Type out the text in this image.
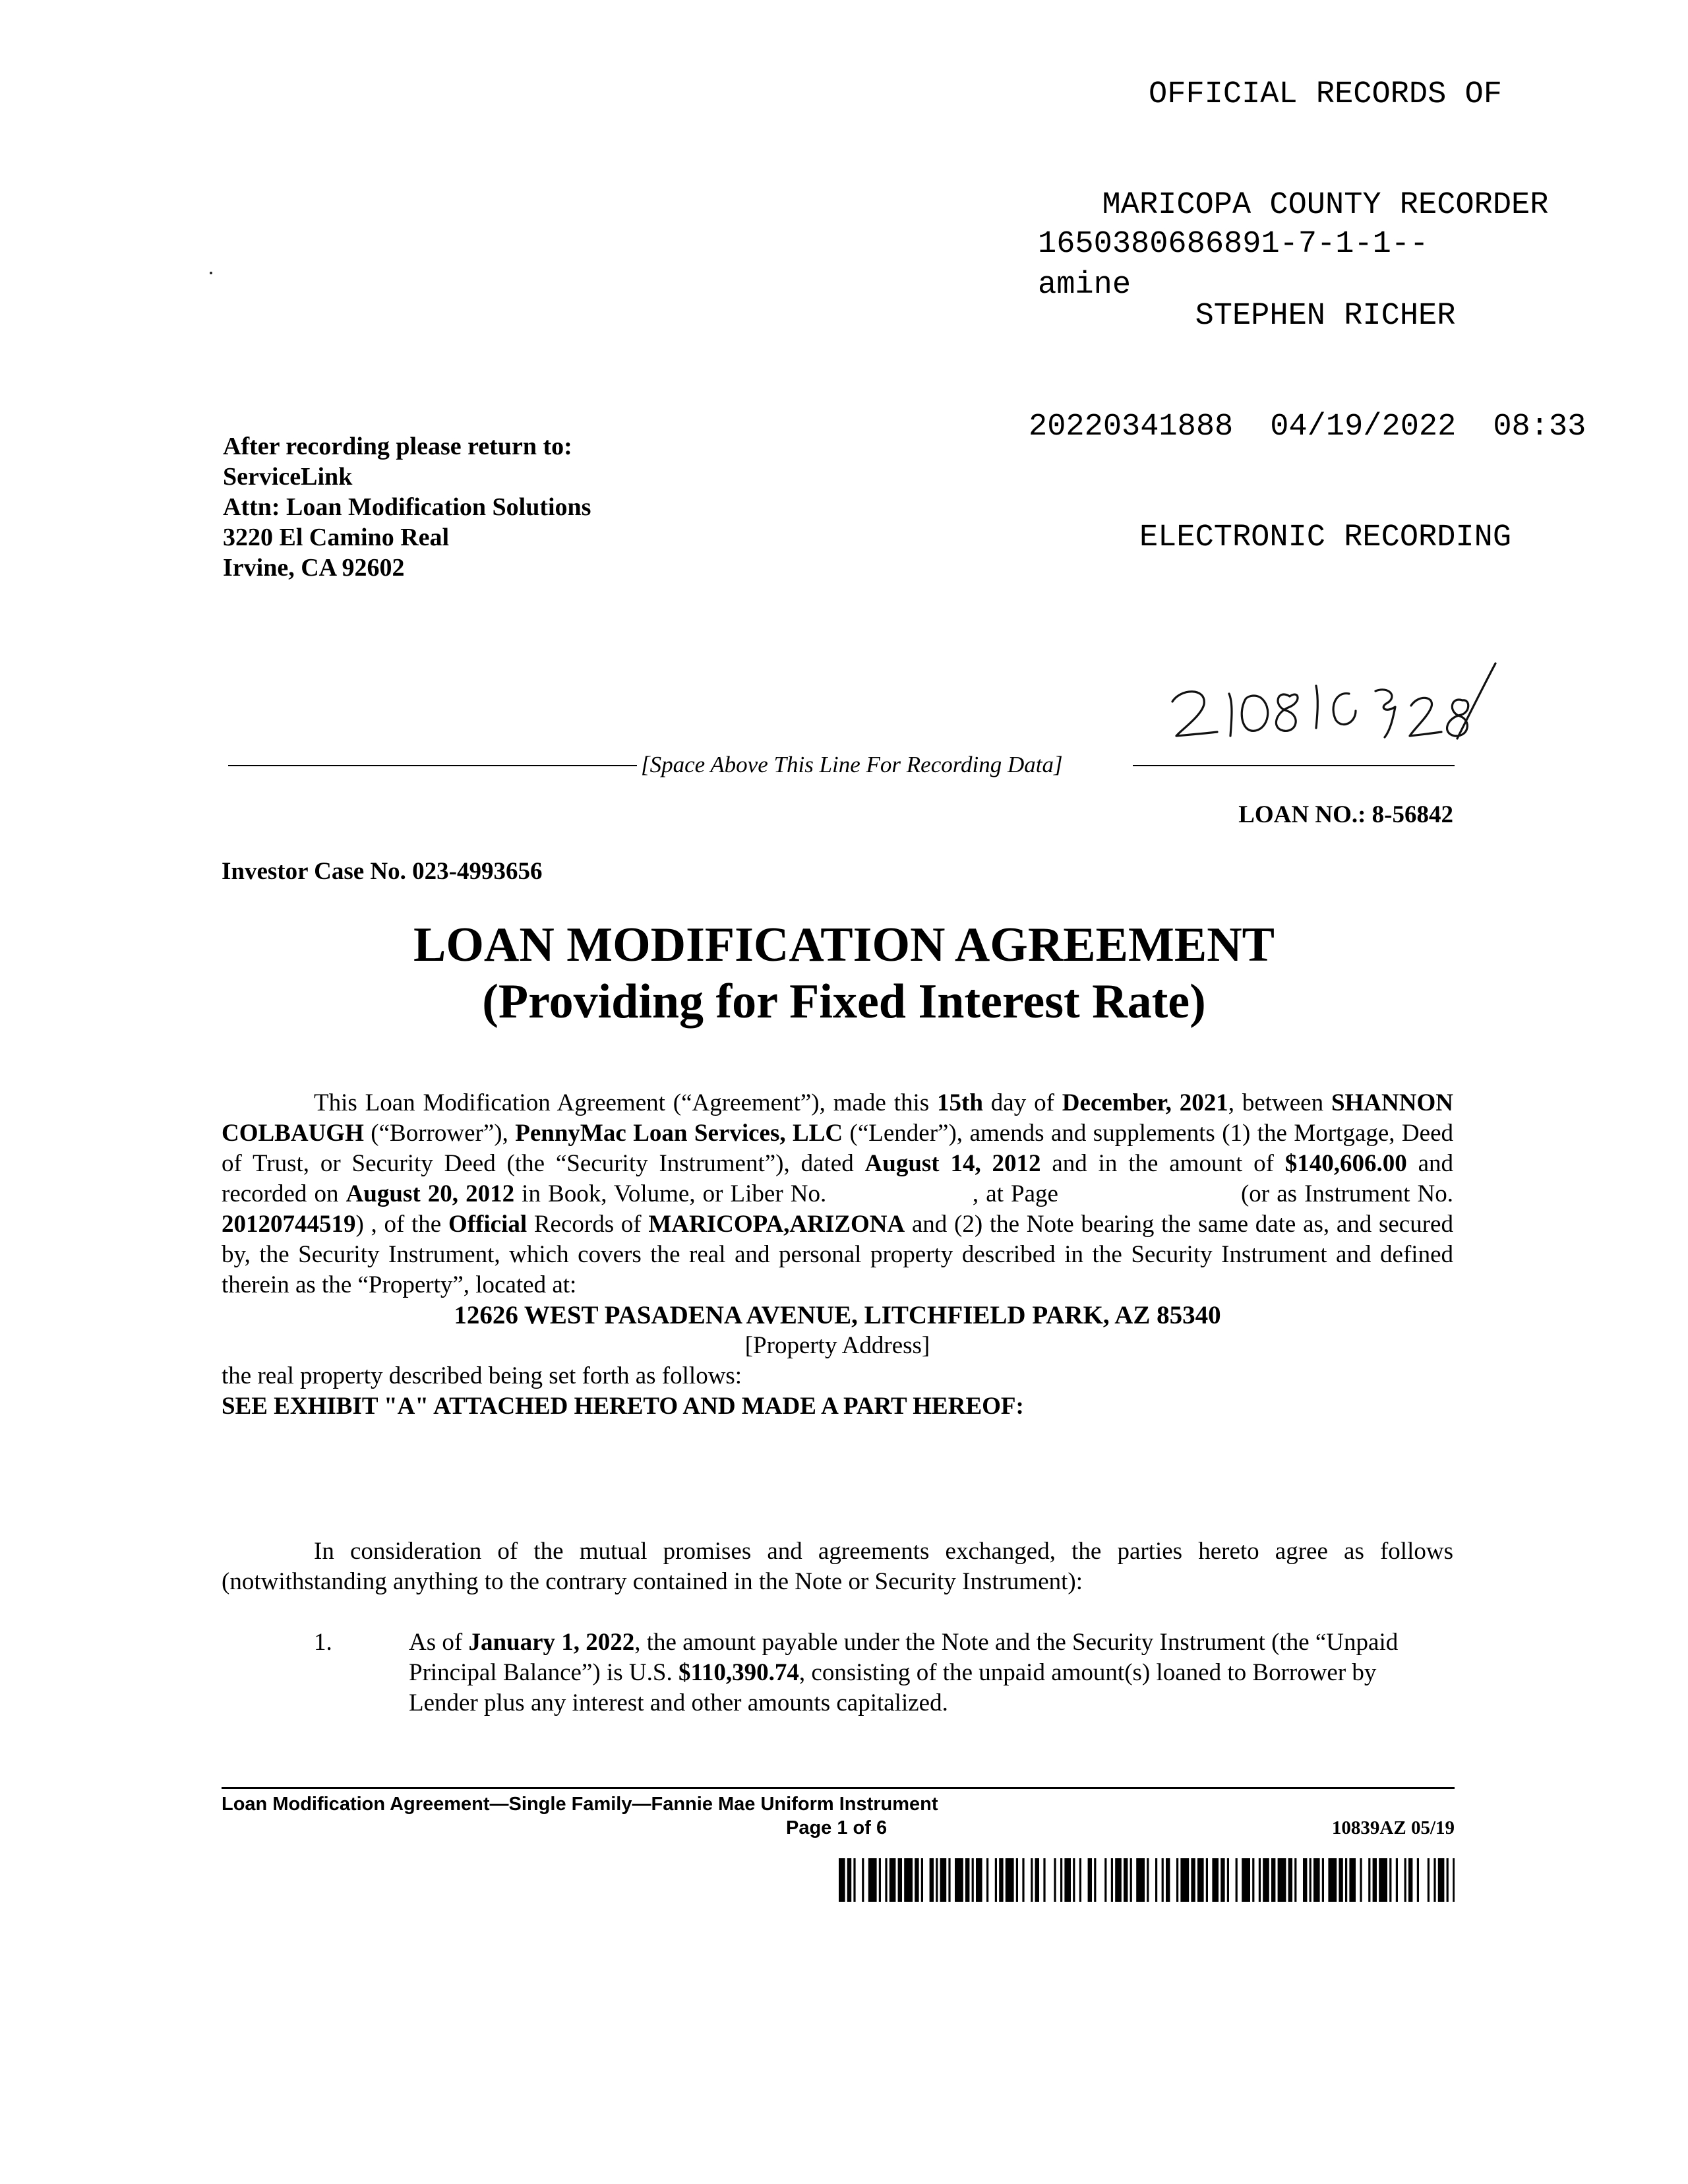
OFFICIAL RECORDS OF

MARICOPA COUNTY RECORDER

STEPHEN RICHER

20220341888 04/19/2022 08:33

ELECTRONIC RECORDING

1650380686891-7-1-1--
amine
After recording please return to:
ServiceLink
Attn: Loan Modification Solutions
3220 El Camino Real
Irvine, CA 92602
[Space Above This Line For Recording Data]
LOAN NO.: 8-56842
Investor Case No. 023-4993656
LOAN MODIFICATION AGREEMENT
(Providing for Fixed Interest Rate)
This Loan Modification Agreement (“Agreement”), made this 15th day of December, 2021, between SHANNON COLBAUGH (“Borrower”), PennyMac Loan Services, LLC (“Lender”), amends and supplements (1) the Mortgage, Deed of Trust, or Security Deed (the “Security Instrument”), dated August 14, 2012 and in the amount of $140,606.00 and recorded on August 20, 2012 in Book, Volume, or Liber No.                    , at Page                         (or as Instrument No. 20120744519) , of the Official Records of MARICOPA,ARIZONA and (2) the Note bearing the same date as, and secured by, the Security Instrument, which covers the real and personal property described in the Security Instrument and defined therein as the “Property”, located at:
12626 WEST PASADENA AVENUE, LITCHFIELD PARK, AZ 85340
[Property Address]
the real property described being set forth as follows:
SEE EXHIBIT "A" ATTACHED HERETO AND MADE A PART HEREOF:
In consideration of the mutual promises and agreements exchanged, the parties hereto agree as follows (notwithstanding anything to the contrary contained in the Note or Security Instrument):
1.	As of January 1, 2022, the amount payable under the Note and the Security Instrument (the “Unpaid Principal Balance”) is U.S. $110,390.74, consisting of the unpaid amount(s) loaned to Borrower by Lender plus any interest and other amounts capitalized.
Loan Modification Agreement—Single Family—Fannie Mae Uniform Instrument
Page 1 of 6	10839AZ 05/19
